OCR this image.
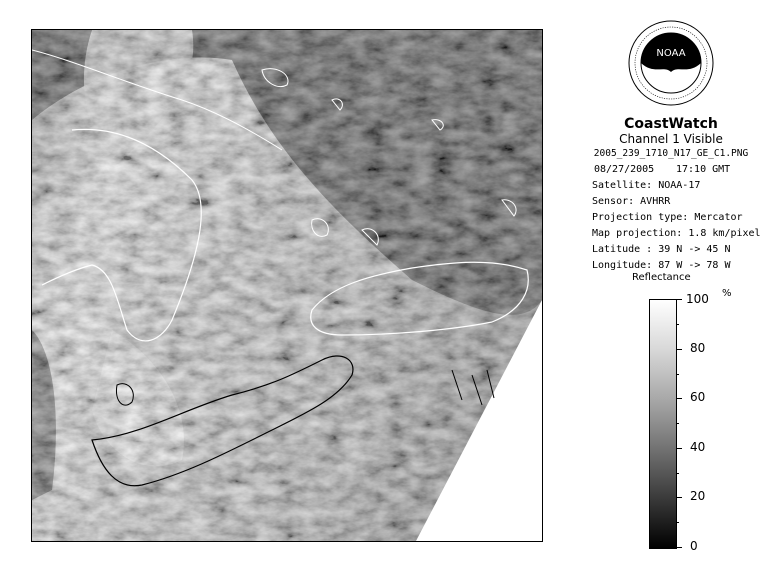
NOAA
CoastWatch
Channel 1 Visible
2005_239_1710_N17_GE_C1.PNG
08/27/2005 17:10 GMT
Satellite: NOAA-17
Sensor: AVHRR
Projection type: Mercator
Map projection: 1.8 km/pixel
Latitude : 39 N -> 45 N
Longitude: 87 W -> 78 W
Reflectance
100 %
80
60
40
20
0
